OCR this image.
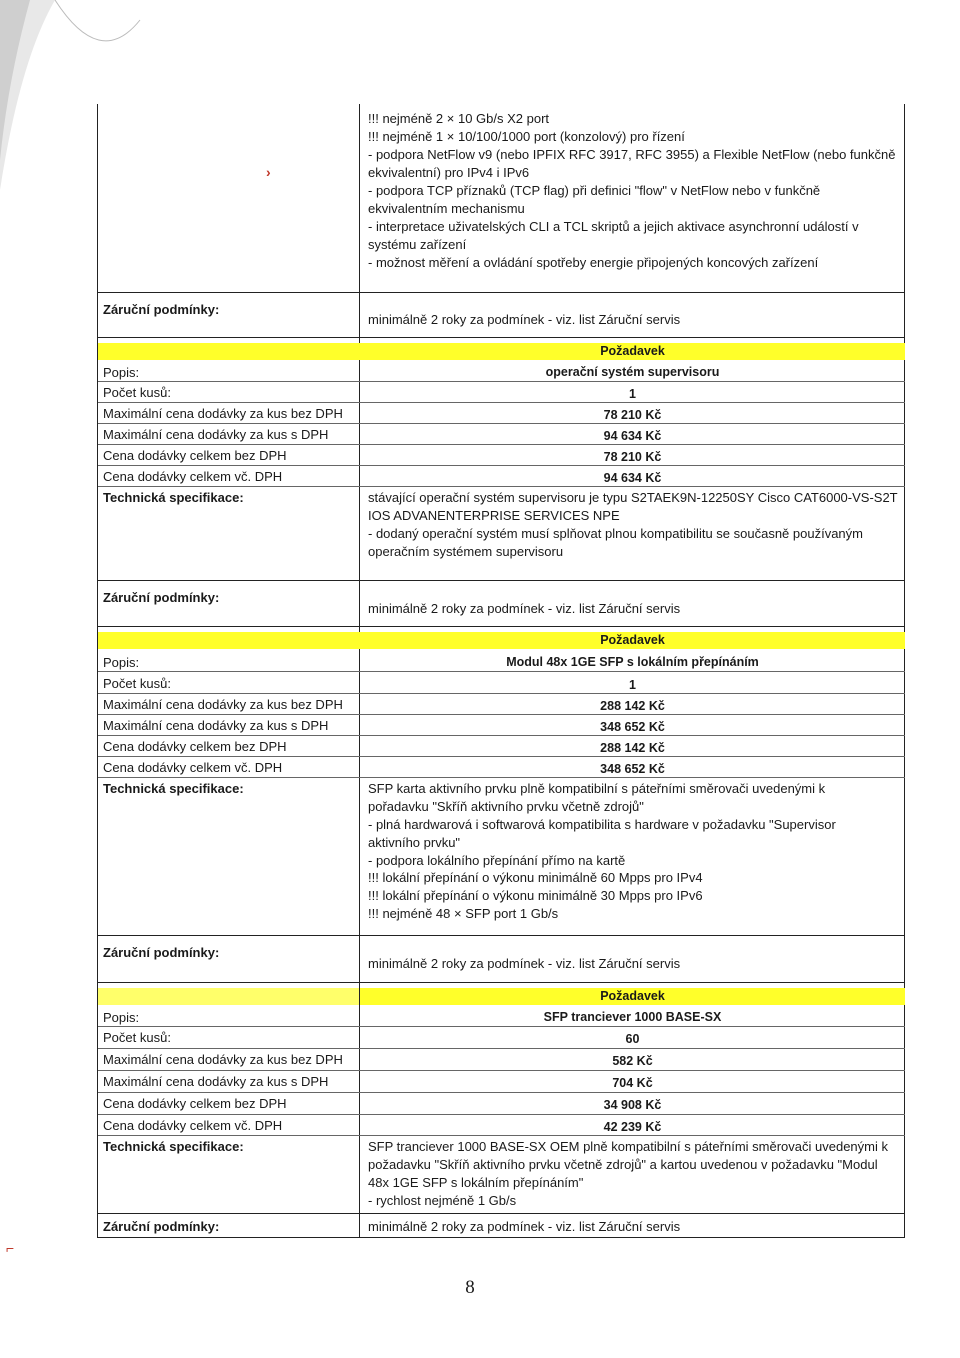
›
!!! nejméně 2 × 10 Gb/s X2 port
!!! nejméně 1 × 10/100/1000 port (konzolový) pro řízení
- podpora NetFlow v9 (nebo IPFIX RFC 3917, RFC 3955) a Flexible NetFlow (nebo funkčně
ekvivalentní) pro IPv4 i IPv6
- podpora TCP příznaků (TCP flag) při definici "flow" v NetFlow nebo v funkčně
ekvivalentním mechanismu
- interpretace uživatelských CLI a TCL skriptů a jejich aktivace asynchronní událostí v
systému zařízení
- možnost měření a ovládání spotřeby energie připojených koncových zařízení
Záruční podmínky:
minimálně 2 roky za podmínek - viz. list Záruční servis
Požadavek
Popis:	operační systém supervisoru
Počet kusů:	1
Maximální cena dodávky za kus bez DPH	78 210 Kč
Maximální cena dodávky za kus s DPH	94 634 Kč
Cena dodávky celkem bez DPH	78 210 Kč
Cena dodávky celkem vč. DPH	94 634 Kč
Technická specifikace:	stávající operační systém supervisoru je typu S2TAEK9N-12250SY Cisco CAT6000-VS-S2T
IOS ADVANENTERPRISE SERVICES NPE
- dodaný operační systém musí splňovat plnou kompatibilitu se současně používaným
operačním systémem supervisoru
Záruční podmínky:
minimálně 2 roky za podmínek - viz. list Záruční servis
Požadavek
Popis:	Modul 48x 1GE SFP s lokálním přepínáním
Počet kusů:	1
Maximální cena dodávky za kus bez DPH	288 142 Kč
Maximální cena dodávky za kus s DPH	348 652 Kč
Cena dodávky celkem bez DPH	288 142 Kč
Cena dodávky celkem vč. DPH	348 652 Kč
Technická specifikace:	SFP karta aktivního prvku plně kompatibilní s páteřními směrovači uvedenými k
pořadavku "Skříň aktivního prvku včetně zdrojů"
- plná hardwarová i softwarová kompatibilita s hardware v požadavku "Supervisor
aktivního prvku"
- podpora lokálního přepínání přímo na kartě
!!! lokální přepínání o výkonu minimálně 60 Mpps pro IPv4
!!! lokální přepínání o výkonu minimálně 30 Mpps pro IPv6
!!! nejméně 48 × SFP port 1 Gb/s
Záruční podmínky:
minimálně 2 roky za podmínek - viz. list Záruční servis
Požadavek
Popis:	SFP tranciever 1000 BASE-SX
Počet kusů:	60
Maximální cena dodávky za kus bez DPH	582 Kč
Maximální cena dodávky za kus s DPH	704 Kč
Cena dodávky celkem bez DPH	34 908 Kč
Cena dodávky celkem vč. DPH	42 239 Kč
Technická specifikace:	SFP tranciever 1000 BASE-SX OEM plně kompatibilní s páteřními směrovači uvedenými k
požadavku "Skříň aktivního prvku včetně zdrojů" a kartou uvedenou v požadavku "Modul
48x 1GE SFP s lokálním přepínáním"
- rychlost nejméně 1 Gb/s
Záruční podmínky:	minimálně 2 roky za podmínek - viz. list Záruční servis
8
⌐
